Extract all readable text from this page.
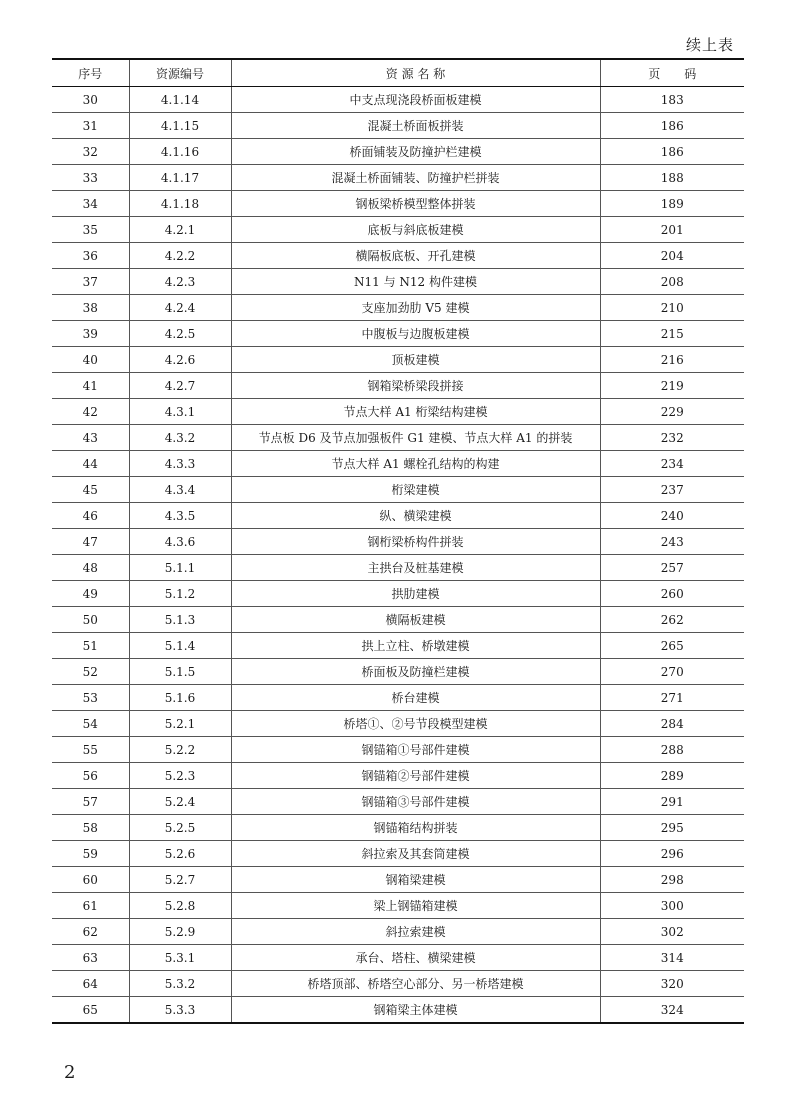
续上表
序号	资源编号	资 源 名 称	页　　码
30	4.1.14	中支点现浇段桥面板建模	183
31	4.1.15	混凝土桥面板拼装	186
32	4.1.16	桥面铺装及防撞护栏建模	186
33	4.1.17	混凝土桥面铺装、防撞护栏拼装	188
34	4.1.18	钢板梁桥模型整体拼装	189
35	4.2.1	底板与斜底板建模	201
36	4.2.2	横隔板底板、开孔建模	204
37	4.2.3	N11 与 N12 构件建模	208
38	4.2.4	支座加劲肋 V5 建模	210
39	4.2.5	中腹板与边腹板建模	215
40	4.2.6	顶板建模	216
41	4.2.7	钢箱梁桥梁段拼接	219
42	4.3.1	节点大样 A1 桁梁结构建模	229
43	4.3.2	节点板 D6 及节点加强板件 G1 建模、节点大样 A1 的拼装	232
44	4.3.3	节点大样 A1 螺栓孔结构的构建	234
45	4.3.4	桁梁建模	237
46	4.3.5	纵、横梁建模	240
47	4.3.6	钢桁梁桥构件拼装	243
48	5.1.1	主拱台及桩基建模	257
49	5.1.2	拱肋建模	260
50	5.1.3	横隔板建模	262
51	5.1.4	拱上立柱、桥墩建模	265
52	5.1.5	桥面板及防撞栏建模	270
53	5.1.6	桥台建模	271
54	5.2.1	桥塔①、②号节段模型建模	284
55	5.2.2	钢锚箱①号部件建模	288
56	5.2.3	钢锚箱②号部件建模	289
57	5.2.4	钢锚箱③号部件建模	291
58	5.2.5	钢锚箱结构拼装	295
59	5.2.6	斜拉索及其套筒建模	296
60	5.2.7	钢箱梁建模	298
61	5.2.8	梁上钢锚箱建模	300
62	5.2.9	斜拉索建模	302
63	5.3.1	承台、塔柱、横梁建模	314
64	5.3.2	桥塔顶部、桥塔空心部分、另一桥塔建模	320
65	5.3.3	钢箱梁主体建模	324
2
